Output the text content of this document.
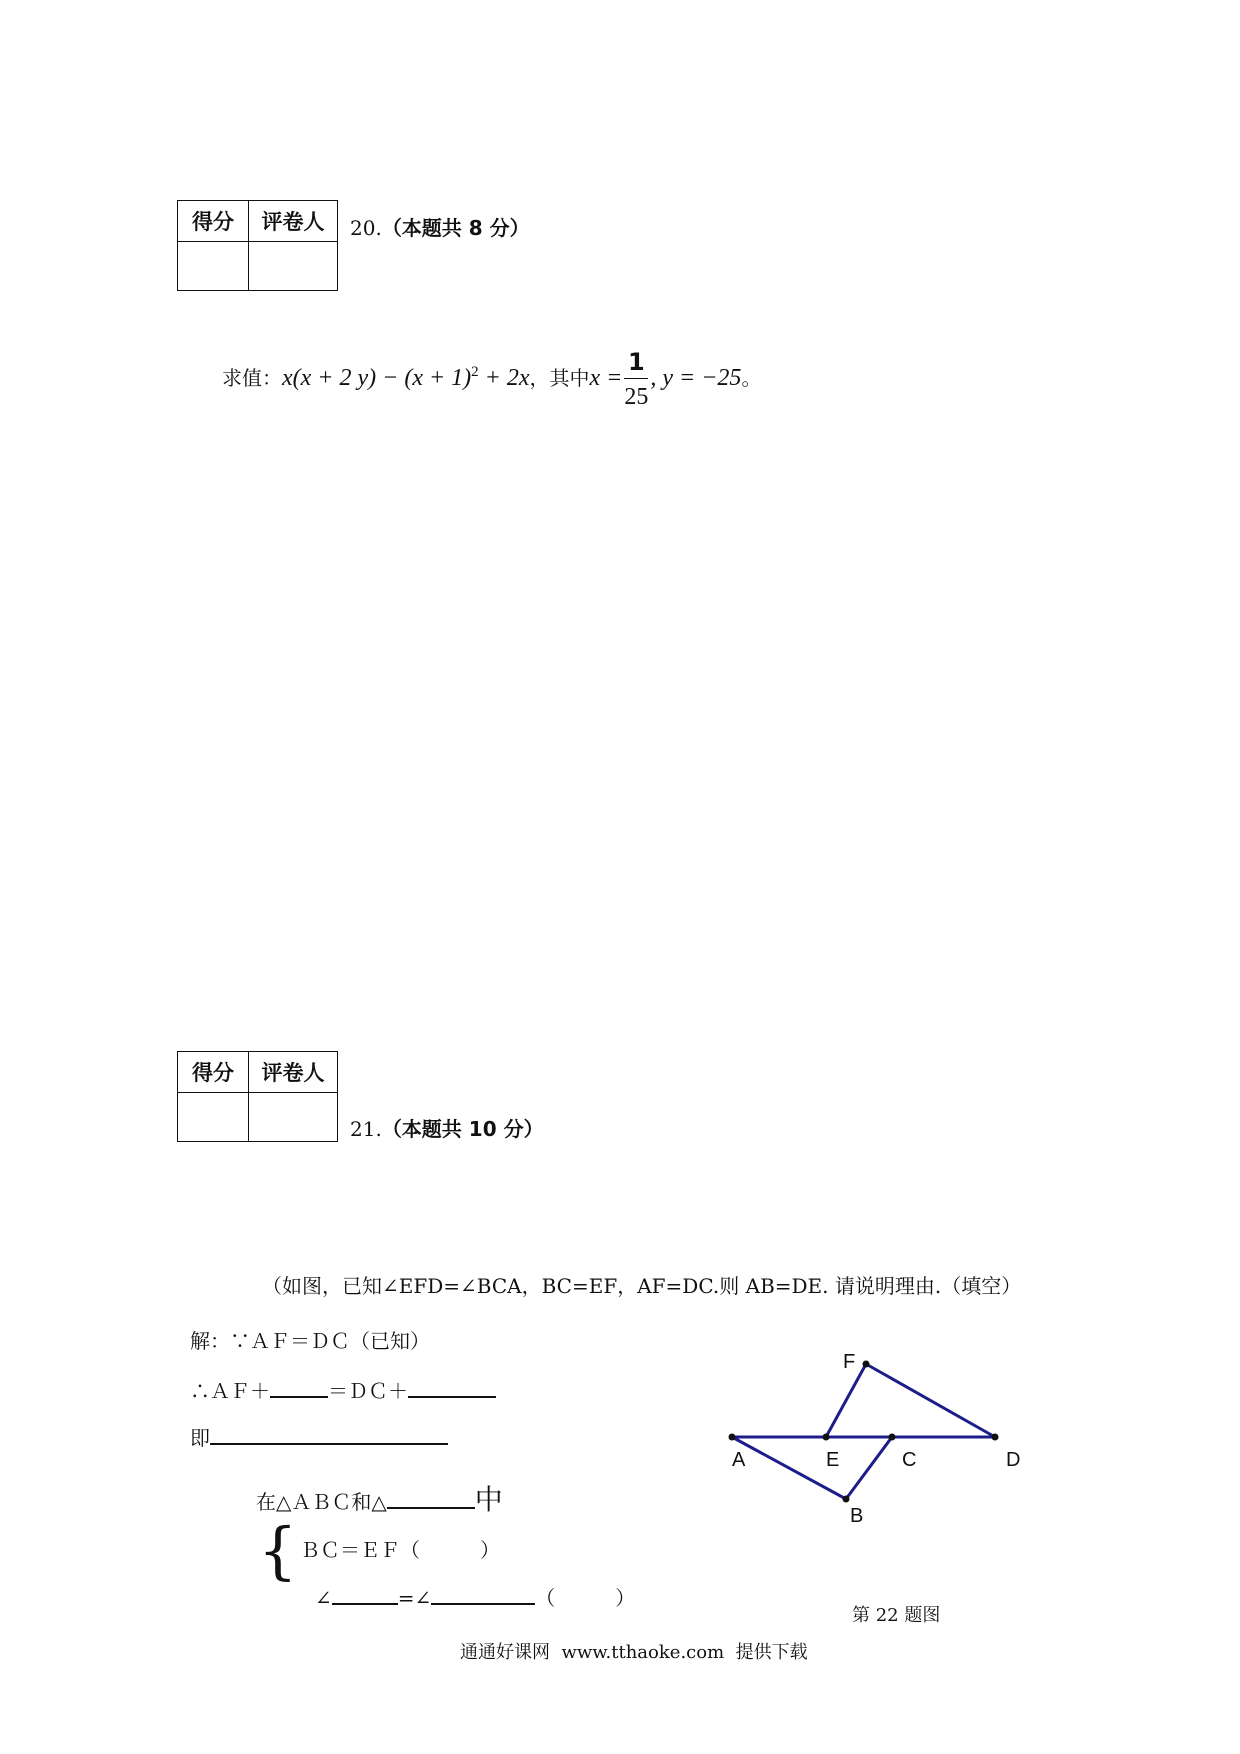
得分	评卷人
	20.（本题共 8 分）
求值：x(x + 2 $y) - (x + 1)^2 + 2x$，其中$x = \frac{1}{25}$ , y = −25。
得分	评卷人

21.（本题共 10 分）
（如图，已知∠EFD=∠BCA，BC=EF，AF=DC.则 AB=DE. 请说明理由.（填空）
解：∵ＡＦ＝ＤＣ（已知）
∴ＡＦ＋	＝ＤＣ＋
即
在△ＡＢＣ和△	中
{ ＢＣ＝ＥＦ（　　　）
∠	=∠	（　　　）
F
A	E	C	D
B
第 22 题图
通通好课网  www.tthaoke.com  提供下载
